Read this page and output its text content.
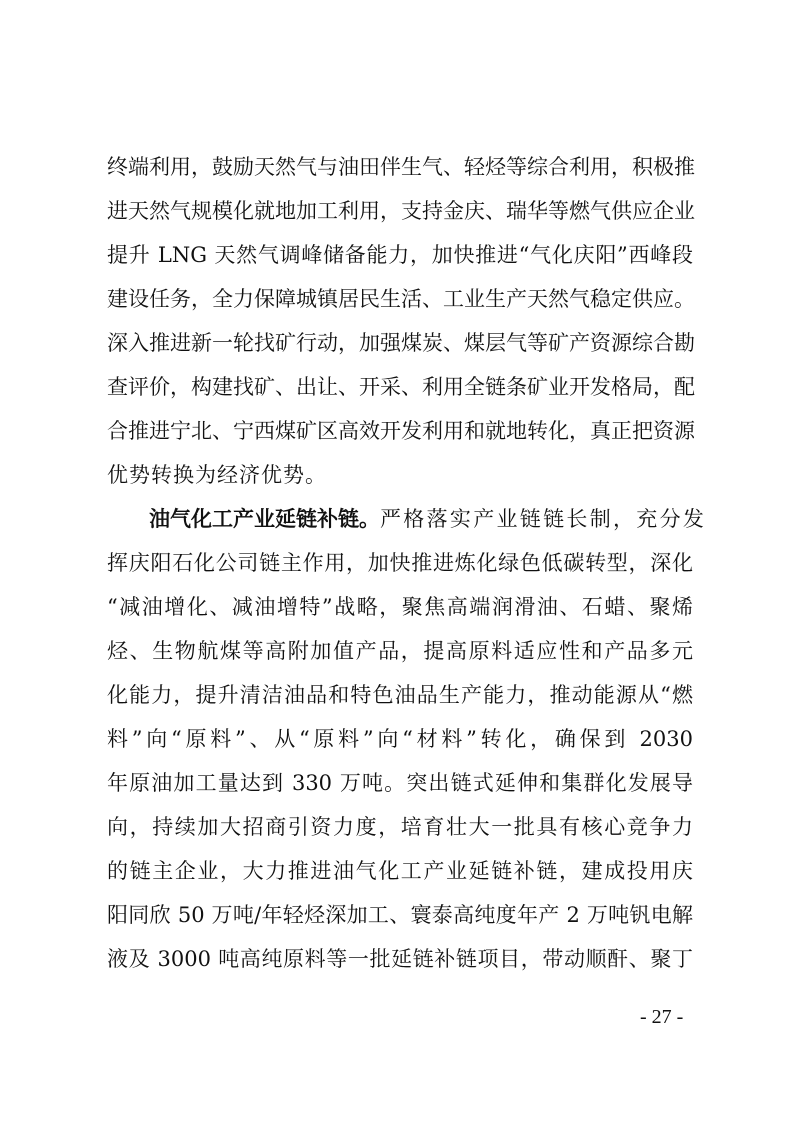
终端利用，鼓励天然气与油田伴生气、轻烃等综合利用，积极推
进天然气规模化就地加工利用，支持金庆、瑞华等燃气供应企业
提升 LNG 天然气调峰储备能力，加快推进“气化庆阳”西峰段
建设任务，全力保障城镇居民生活、工业生产天然气稳定供应。
深入推进新一轮找矿行动，加强煤炭、煤层气等矿产资源综合勘
查评价，构建找矿、出让、开采、利用全链条矿业开发格局，配
合推进宁北、宁西煤矿区高效开发利用和就地转化，真正把资源
优势转换为经济优势。
油气化工产业延链补链。 严格落实产业链链长制，充分发
挥庆阳石化公司链主作用，加快推进炼化绿色低碳转型，深化
“减油增化、减油增特”战略，聚焦高端润滑油、石蜡、聚烯
烃、生物航煤等高附加值产品，提高原料适应性和产品多元
化能力，提升清洁油品和特色油品生产能力，推动能源从“燃
料”向“原料”、从“原料”向“材料”转化，确保到 2030
年原油加工量达到 330 万吨。突出链式延伸和集群化发展导
向，持续加大招商引资力度，培育壮大一批具有核心竞争力
的链主企业，大力推进油气化工产业延链补链，建成投用庆
阳同欣 50 万吨/年轻烃深加工、寰泰高纯度年产 2 万吨钒电解
液及 3000 吨高纯原料等一批延链补链项目，带动顺酐、聚丁
- 27 -
